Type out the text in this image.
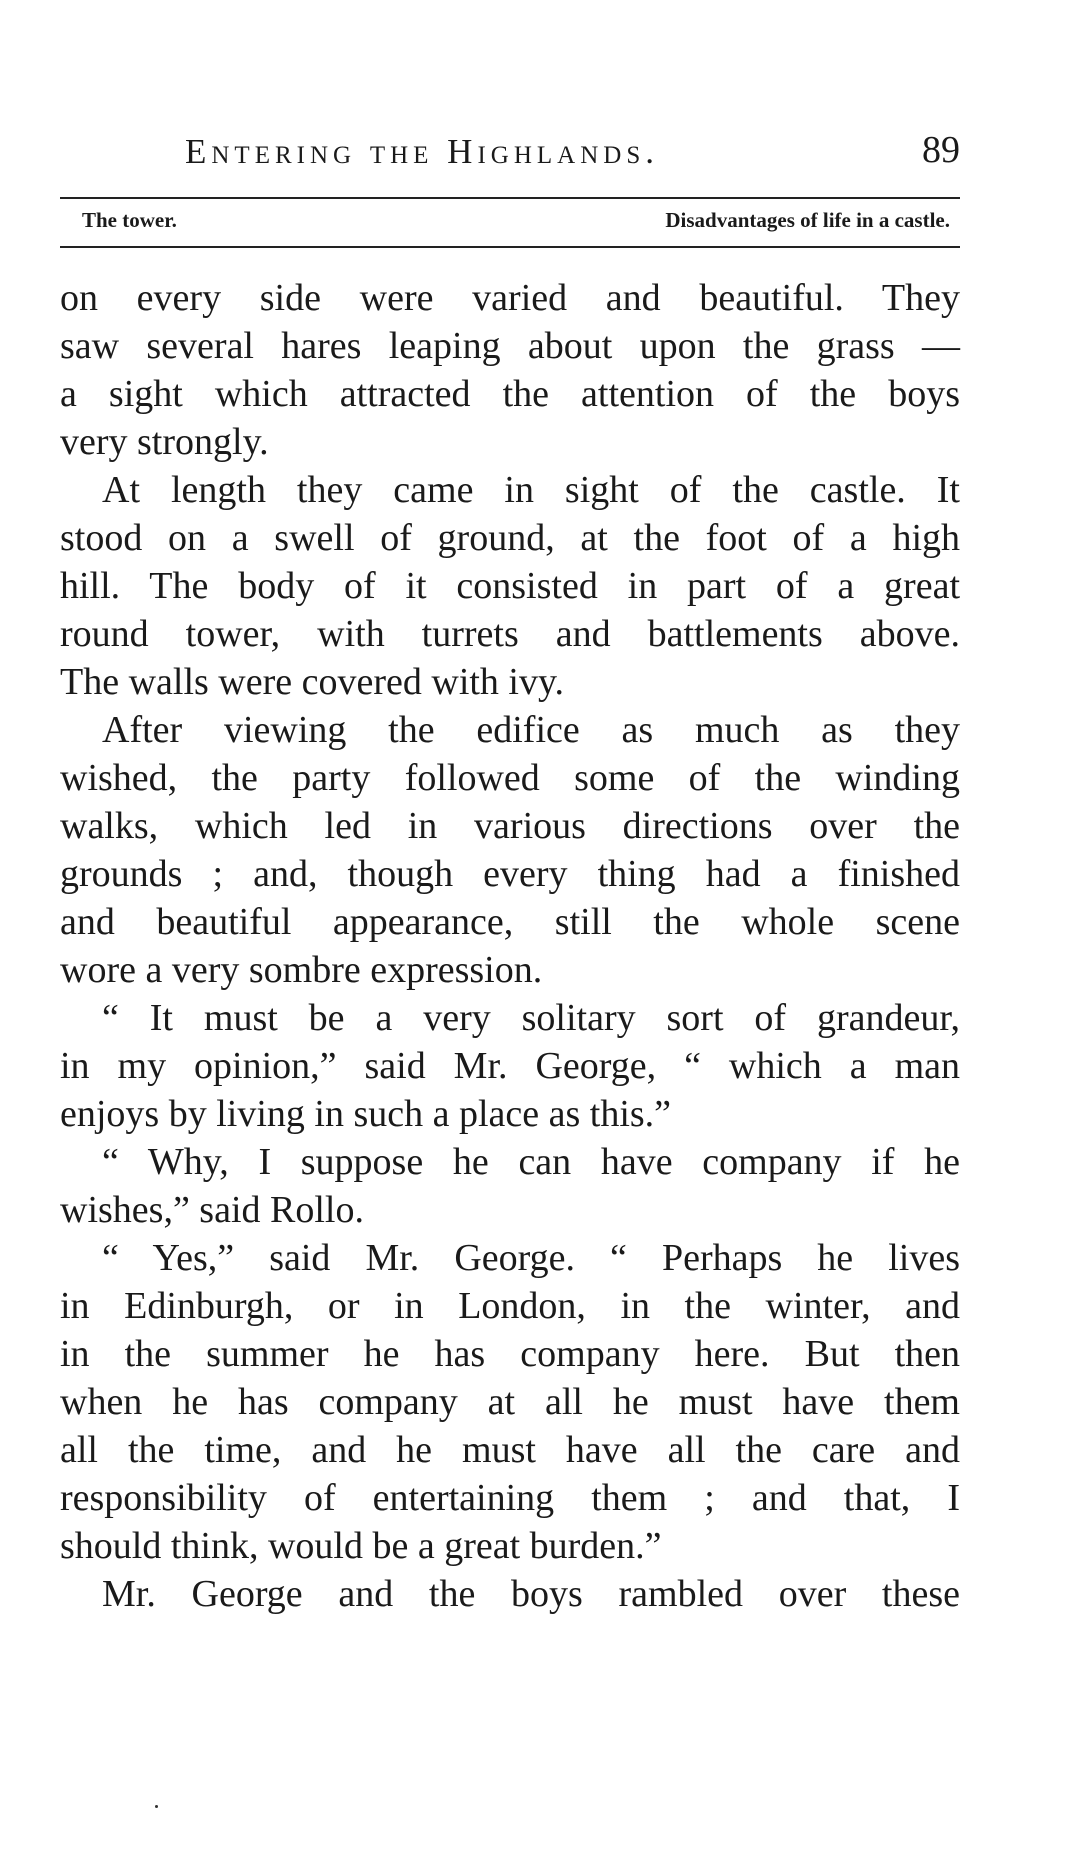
Entering the Highlands.	89
The tower.	Disadvantages of life in a castle.
on every side were varied and beautiful. They
saw several hares leaping about upon the grass —
a sight which attracted the attention of the boys
very strongly.
At length they came in sight of the castle. It
stood on a swell of ground, at the foot of a high
hill. The body of it consisted in part of a great
round tower, with turrets and battlements above.
The walls were covered with ivy.
After viewing the edifice as much as they
wished, the party followed some of the winding
walks, which led in various directions over the
grounds ; and, though every thing had a finished
and beautiful appearance, still the whole scene
wore a very sombre expression.
“ It must be a very solitary sort of grandeur,
in my opinion,” said Mr. George, “ which a man
enjoys by living in such a place as this.”
“ Why, I suppose he can have company if he
wishes,” said Rollo.
“ Yes,” said Mr. George. “ Perhaps he lives
in Edinburgh, or in London, in the winter, and
in the summer he has company here. But then
when he has company at all he must have them
all the time, and he must have all the care and
responsibility of entertaining them ; and that, I
should think, would be a great burden.”
Mr. George and the boys rambled over these
